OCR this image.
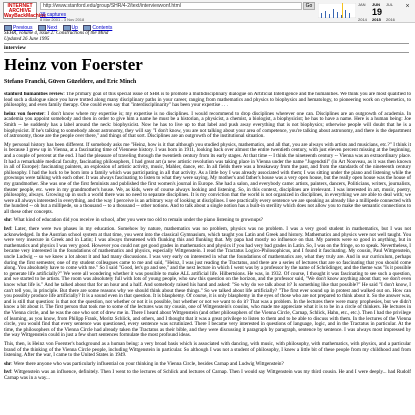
INTERNET ARCHIVE WayBackMachine
http://www.stanford.edu/group/SHR/4-2/text/interviewvonf.html	Go
38 captures
8 Mar 2001 - 3 Nov 2018
JAN JUN JUL
19
2014 2015 2016
×
Previous	Next	Up	Contents
SEHR, volume 4, issue 2: Constructions of the Mind
Updated 26 June 1995
interview
Heinz von Foerster
Stefano Franchi, Güven Güzeldere, and Eric Minch

stanford humanities review: The primary goal of this special issue of SHR is to promote a multidisciplinary dialogue on Artificial Intelligence and the humanities. We think you are most qualified to lead such a dialogue since you have trotted along many disciplinary paths in your career, ranging from mathematics and physics to biophysics and hematology, to pioneering work on cybernetics, to philosophy, and even family therapy. One could even say that "interdisciplinarity" has been your expertise . . .

heinz von foerster: I don't know where my expertise is; my expertise is no disciplines. I would recommend to drop disciplines wherever one can. Disciplines are an outgrowth of academia. In academia you appoint somebody and then in order to give him a name he must be a historian, a physicist, a chemist, a biologist, a biophysicist; he has to have a name. Here is a human being: Joe Smith -- he suddenly has a label around the neck: biophysicist. Now he has to live up to that label and push away everything that is not biophysics; otherwise people will doubt that he is a biophysicist. If he's talking to somebody about astronomy, they will say "I don't know, you are not talking about your area of competence, you're talking about astronomy, and there is the department of astronomy, those are the people over there," and things of that sort. Disciplines are an outgrowth of the institutional situation.

My personal history has been different. If somebody asks me "Heinz, how is it that although you studied physics, mathematics, and all that, you are always with artists and musicians, etc.?" I think it is because I grew up in Vienna, at a fascinating time of Viennese history. I was born in 1911, looking back over almost the entire twentieth century, with just eleven percent missing at the beginning, and a couple of percent at the end. I had the pleasure of traveling through the twentieth century from its early stages. At that time -- I think the nineteenth century -- Vienna was an extraordinary place. It had a remarkable medical faculty, fascinating philosophers, I had great art (a new artistic revolution was taking place in Vienna under the name "Jugendstil" (in Art Nouveau, as it was then known in all of Europe): fascinating painters, an explosion of artistic activity, music, Mahler, dance, etc. In all fields there was a breakaway from the past, and from the standards of the nineteenth century philosophy. I had the luck to be born into a family which was participating in all that activity. As a little boy I was already associated with them; I was sitting under the piano and listening while the grownups were talking with each other. It was always fascinating to listen to what they were saying. My mother's and father's house was a very open house, but the really open house was the house of my grandmother. She was one of the first feminists and published the first women's journal in Europe. She had a salon, and everybody came: artists, painters, dancers, Politicians, writers, journalists, theater people, etc. were in my grandmother's house. We, as kids, were of course always looking and listening. So, in this context, disciplines are irrelevant. I was interested in art, music, poetry, philosophy, always. Growing up in such a world there was no need to separate disciplines. It is my conviction that the world is not organized in disciplines, in everything we are able to deal with; we were all always interested in everything, and the way I perceive is an arbitrary way of looking at disciplines. I see practically every sentence we are speaking as already like a millipede connected with the hundred -- oh but a millipede, so a thousand -- to a thousand -- other notions. And to talk about a single notion has a built-in sterility which does not allow you to make the semantic connections to all these other concepts.

shr: What kind of education did you receive in school, after you were too old to remain under the piano listening to grownups?

hvf: Later, there were two phases in my education. Somehow by nature, mathematics was no problem, physics was no problem. I was a very good student in mathematics, but I was not acknowledged. In the Austrian school system at that time, you went into the classical Gymnasium, which taught you Latin and Greek and history. Mathematics and physics were not well taught. You were very insecure in Greek and in Latin; I was always threatened with flunking this and flunking that. My papa had mostly no influence on that. My parents were so good in anything, but in mathematics and physics I was very good. However you could not get good grades in mathematics and physics if you had very bad grades in Latin. So, I was on the fringe, so to speak. Nevertheless, I became very interested in the foundations of mathematics and physics, especially Wittgenstein. I read the Tractatus Logico-Philosophicus, and I found it fascinating. My cousin, Paul Wittgenstein, uncle Ludwig -- so we knew a lot about it and had many discussions. I was very early on interested in what the foundations of mathematics are, what they truly are. And in our curriculum, perhaps during the first semester, one of my student colleagues came to me and said, "Heinz, I was just reading the Tractatus, and there are a series of lectures that are so fascinating that you should come along. You absolutely have to come with me." So I said "Good, let's go and see," and the next lecture in which I went was by a professor by the name of Schrödinger, and the theme was "Is it possible to generate life artificially?" We were all wondering whether it was possible to make ALL artificial life. Hilbertsions. He was, in 1932. Of course, I thought it was fascinating to see such a question, and we started to be artists. The room was absolutely full with lots of young people, who saw this question on the horizon, and the professor said, "We don't know anything about that; we don't even know what life is." And he talked about that for an hour and a half. And somebody raised his hand and asked: "So why do we talk about it? Is something like that possible?" He said "I don't know, I can't tell you, in principle. But there are some reasons why we should think about these things." So we talked about life artificially? "The first ever sound up in protest and walked out on. How can you possibly produce life artificially? It is a sound even in that question. It is blasphemy. Of course, it is only blasphemy in the eyes of those who are not prepared to think about it. So the answer was, and is still that question: is that not the question, not whether or not it is possible, but whether or not we want to do it? That was a problem. In the lectures there were many prophesies, but we didn't know a bit about it. The first person that took me to some of the lectures was my cousin, one of Wittgenstein's cousins, who made me appreciate what it is to be in a circle of thinkers. He lectures in the Vienna circle, and he was the one who sort of drew me in. There I heard about Wittgenstein (and other philosophers of the Vienna Circle, Carnap, Schlick, Hahn, etc., etc.). Then I had the privilege of learning, as you know, from Philipp Frank, Moritz Schlick, and others, and I thought that it was a great privilege to listen to them and to be able to discuss with them. In the lectures of the Vienna circle, you would find that every sentence was questioned, every sentence was scrutinized. There I became very interested in questions of language, logic, and in the Tractatus in particular. At the time, the philosophers of the Vienna Circle had already taken the Tractatus as their bible, and they were discussing it paragraph by paragraph, sentence by sentence. I was always most impressed by the way Wittgenstein could in just a few short sentences formulate the most profound ideas.

This, then, is Heinz von Foerster's background as a human being: a very broad basis which is associated with dancing, with music, with philosophy, with mathematics, with physics, and a particular brand of the thinking of the Vienna Circle people, including Wittgenstein in particular. So although I was not a student of philosophy, I knew a little bit of these people from my childhood and from listening. After the war, I came to the United States in 1949.

shr: Were there anyone who was particularly influential on your thinking in the Vienna Circle, besides Carnap and Ludwig Wittgenstein?

hvf: Wittgenstein was an influence, definitely. Then I went to the lectures of Schlick and lectures of Carnap. Then I would say Wittgenstein was my third cousin. He and I were deeply... had Rudolf Carnap was in a way...
